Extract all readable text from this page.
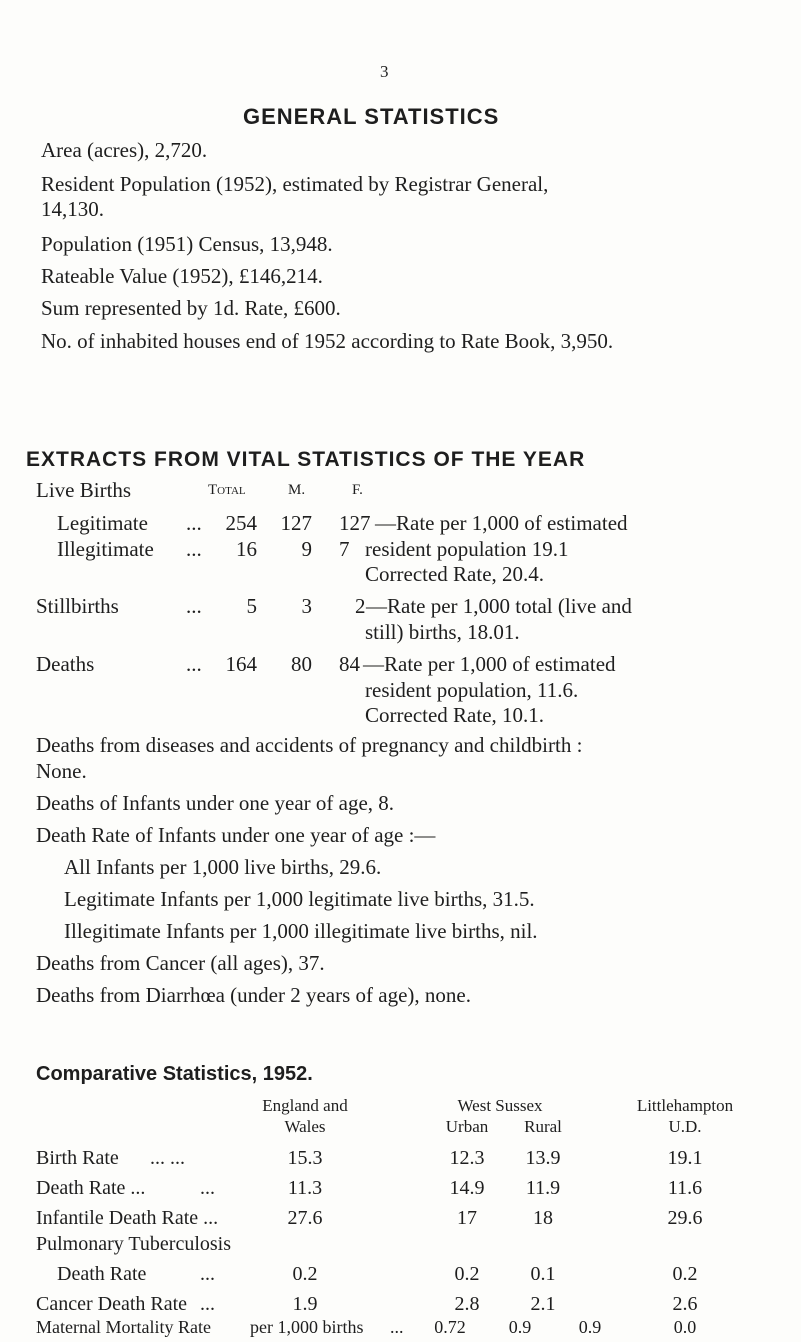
3
GENERAL STATISTICS
Area (acres), 2,720.
Resident Population (1952), estimated by Registrar General,
14,130.
Population (1951) Census, 13,948.
Rateable Value (1952), £146,214.
Sum represented by 1d. Rate, £600.
No. of inhabited houses end of 1952 according to Rate Book, 3,950.
EXTRACTS FROM VITAL STATISTICS OF THE YEAR
Live Births	Total	M.	F.
Legitimate ...	254	127 127 —Rate per 1,000 of estimated
Illegitimate ...	16	9 7 resident population 19.1
Corrected Rate, 20.4.
Stillbirths	...	5	3 2 —Rate per 1,000 total (live and
still) births, 18.01.
Deaths	...	164	80 84 —Rate per 1,000 of estimated
resident population, 11.6.
Corrected Rate, 10.1.
Deaths from diseases and accidents of pregnancy and childbirth :
None.
Deaths of Infants under one year of age, 8.
Death Rate of Infants under one year of age :—
All Infants per 1,000 live births, 29.6.
Legitimate Infants per 1,000 legitimate live births, 31.5.
Illegitimate Infants per 1,000 illegitimate live births, nil.
Deaths from Cancer (all ages), 37.
Deaths from Diarrhœa (under 2 years of age), none.
Comparative Statistics, 1952.
England and
Wales
West Sussex
Urban	Rural
Littlehampton
U.D.
Birth Rate ... ...	15.3	12.3	13.9	19.1
Death Rate ...	...	11.3	14.9	11.9	11.6
Infantile Death Rate ...	27.6	17	18	29.6
Pulmonary Tuberculosis
Death Rate	...	0.2	0.2	0.1	0.2
Cancer Death Rate ...	1.9	2.8	2.1	2.6
Maternal Mortality Rate per 1,000 births ...	0.72	0.9	0.9	0.0
